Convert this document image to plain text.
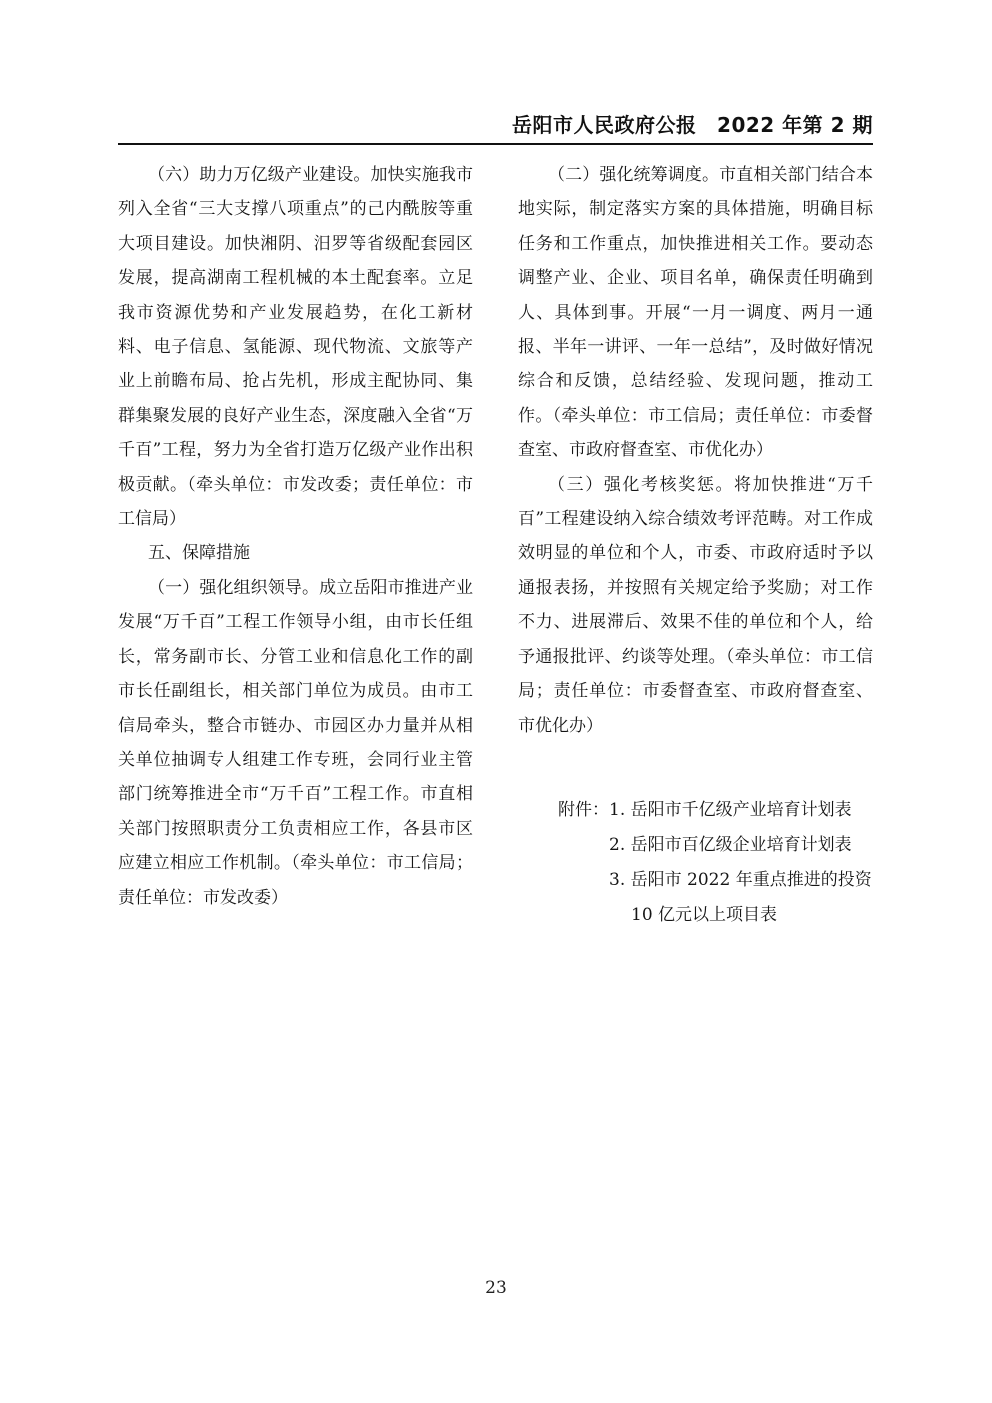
岳阳市人民政府公报　2022 年第 2 期

（六）助力万亿级产业建设。加快实施我市列入全省“三大支撑八项重点”的己内酰胺等重大项目建设。加快湘阴、汨罗等省级配套园区发展，提高湖南工程机械的本土配套率。立足我市资源优势和产业发展趋势，在化工新材料、电子信息、氢能源、现代物流、文旅等产业上前瞻布局、抢占先机，形成主配协同、集群集聚发展的良好产业生态，深度融入全省“万千百”工程，努力为全省打造万亿级产业作出积极贡献。（牵头单位：市发改委；责任单位：市工信局）

五、保障措施

（一）强化组织领导。成立岳阳市推进产业发展“万千百”工程工作领导小组，由市长任组长，常务副市长、分管工业和信息化工作的副市长任副组长，相关部门单位为成员。由市工信局牵头，整合市链办、市园区办力量并从相关单位抽调专人组建工作专班，会同行业主管部门统筹推进全市“万千百”工程工作。市直相关部门按照职责分工负责相应工作，各县市区应建立相应工作机制。（牵头单位：市工信局；责任单位：市发改委）

（二）强化统筹调度。市直相关部门结合本地实际，制定落实方案的具体措施，明确目标任务和工作重点，加快推进相关工作。要动态调整产业、企业、项目名单，确保责任明确到人、具体到事。开展“一月一调度、两月一通报、半年一讲评、一年一总结”，及时做好情况综合和反馈，总结经验、发现问题，推动工作。（牵头单位：市工信局；责任单位：市委督查室、市政府督查室、市优化办）

（三）强化考核奖惩。将加快推进“万千百”工程建设纳入综合绩效考评范畴。对工作成效明显的单位和个人，市委、市政府适时予以通报表扬，并按照有关规定给予奖励；对工作不力、进展滞后、效果不佳的单位和个人，给予通报批评、约谈等处理。（牵头单位：市工信局；责任单位：市委督查室、市政府督查室、市优化办）

附件： 1. 岳阳市千亿级产业培育计划表
2. 岳阳市百亿级企业培育计划表
3. 岳阳市 2022 年重点推进的投资 10 亿元以上项目表
23
